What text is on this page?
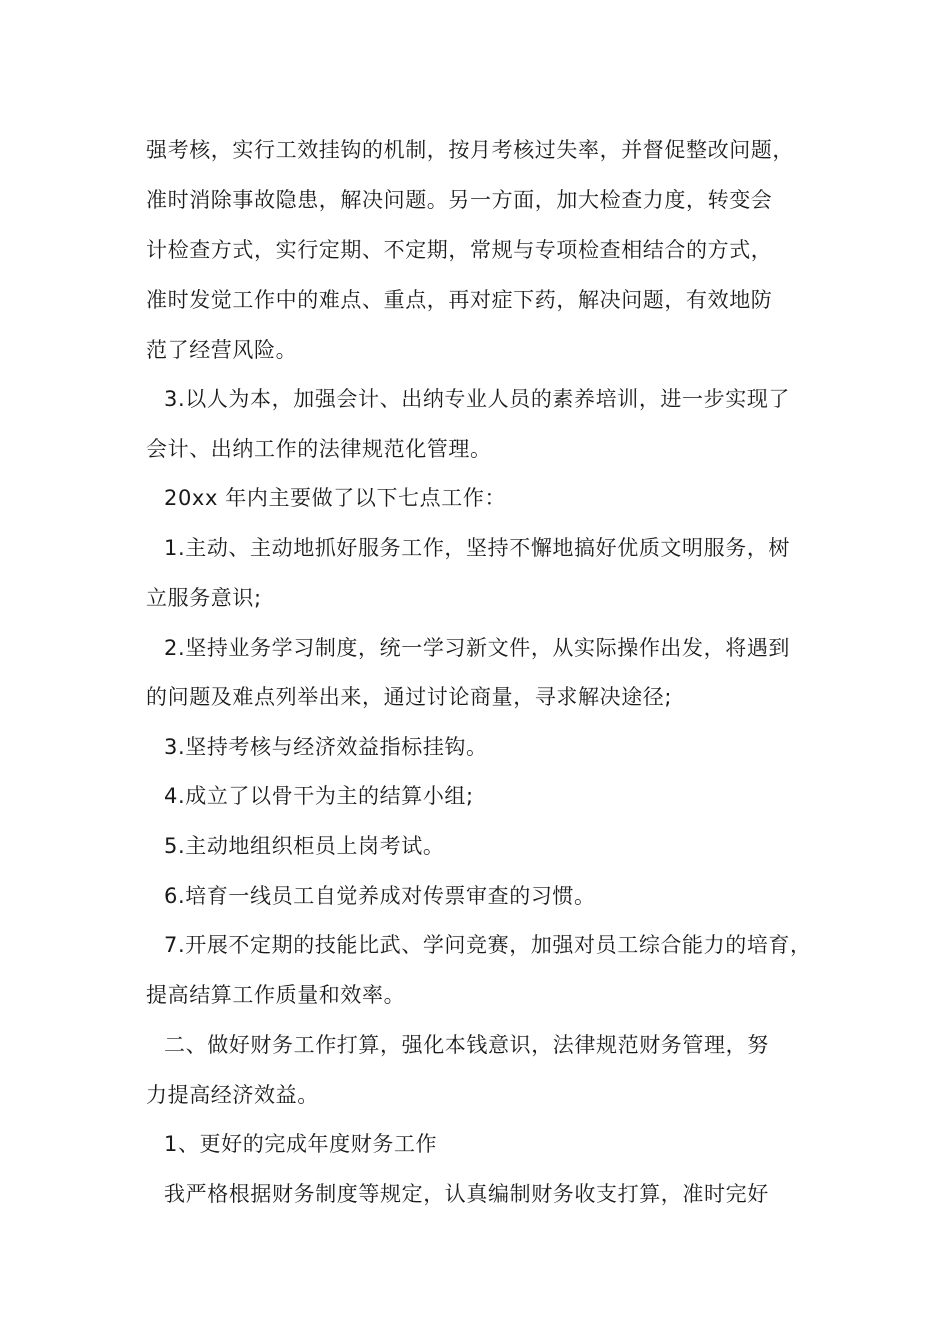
强考核，实行工效挂钩的机制，按月考核过失率，并督促整改问题，
准时消除事故隐患，解决问题。另一方面，加大检查力度，转变会
计检查方式，实行定期、不定期，常规与专项检查相结合的方式，
准时发觉工作中的难点、重点，再对症下药，解决问题，有效地防
范了经营风险。
3.以人为本，加强会计、出纳专业人员的素养培训，进一步实现了
会计、出纳工作的法律规范化管理。
20xx 年内主要做了以下七点工作：
1.主动、主动地抓好服务工作，坚持不懈地搞好优质文明服务，树
立服务意识;
2.坚持业务学习制度，统一学习新文件，从实际操作出发，将遇到
的问题及难点列举出来，通过讨论商量，寻求解决途径;
3.坚持考核与经济效益指标挂钩。
4.成立了以骨干为主的结算小组;
5.主动地组织柜员上岗考试。
6.培育一线员工自觉养成对传票审查的习惯。
7.开展不定期的技能比武、学问竞赛，加强对员工综合能力的培育，
提高结算工作质量和效率。
二、做好财务工作打算，强化本钱意识，法律规范财务管理，努
力提高经济效益。
1、更好的完成年度财务工作
我严格根据财务制度等规定，认真编制财务收支打算，准时完好
